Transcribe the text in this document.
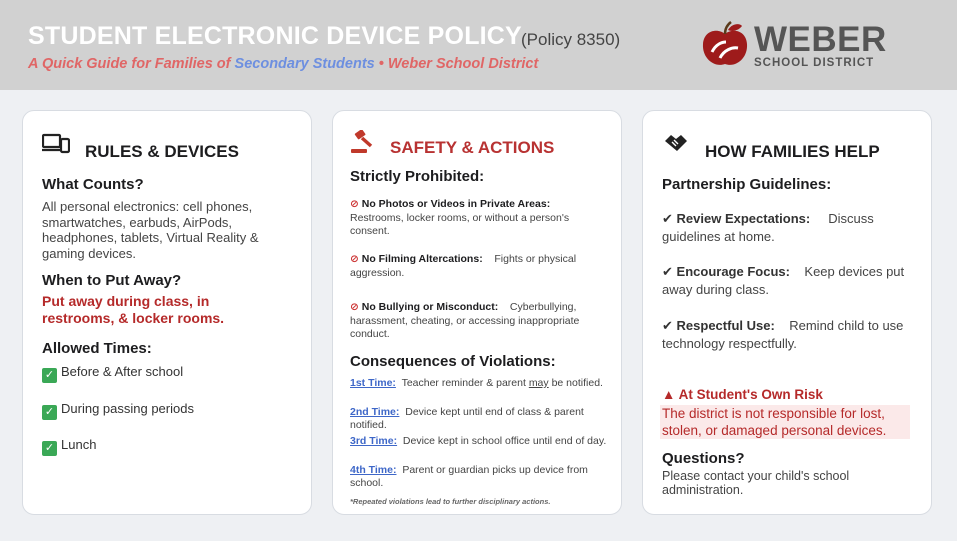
STUDENT ELECTRONIC DEVICE POLICY (Policy 8350)
A Quick Guide for Families of Secondary Students • Weber School District
WEBER
SCHOOL DISTRICT
RULES & DEVICES
What Counts?
All personal electronics: cell phones, smartwatches, earbuds, AirPods, headphones, tablets, Virtual Reality & gaming devices.
When to Put Away?
Put away during class, in restrooms, & locker rooms.
Allowed Times:
✓ Before & After school
✓ During passing periods
✓ Lunch
SAFETY & ACTIONS
Strictly Prohibited:
⊘ No Photos or Videos in Private Areas:
Restrooms, locker rooms, or without a person's consent.
⊘ No Filming Altercations: Fights or physical aggression.
⊘ No Bullying or Misconduct: Cyberbullying, harassment, cheating, or accessing inappropriate conduct.
Consequences of Violations:
1st Time: Teacher reminder & parent may be notified.
2nd Time: Device kept until end of class & parent notified.
3rd Time: Device kept in school office until end of day.
4th Time: Parent or guardian picks up device from school.
*Repeated violations lead to further disciplinary actions.
HOW FAMILIES HELP
Partnership Guidelines:
✔ Review Expectations: Discuss guidelines at home.
✔ Encourage Focus: Keep devices put away during class.
✔ Respectful Use: Remind child to use technology respectfully.
▲ At Student's Own Risk
The district is not responsible for lost, stolen, or damaged personal devices.
Questions?
Please contact your child's school administration.
